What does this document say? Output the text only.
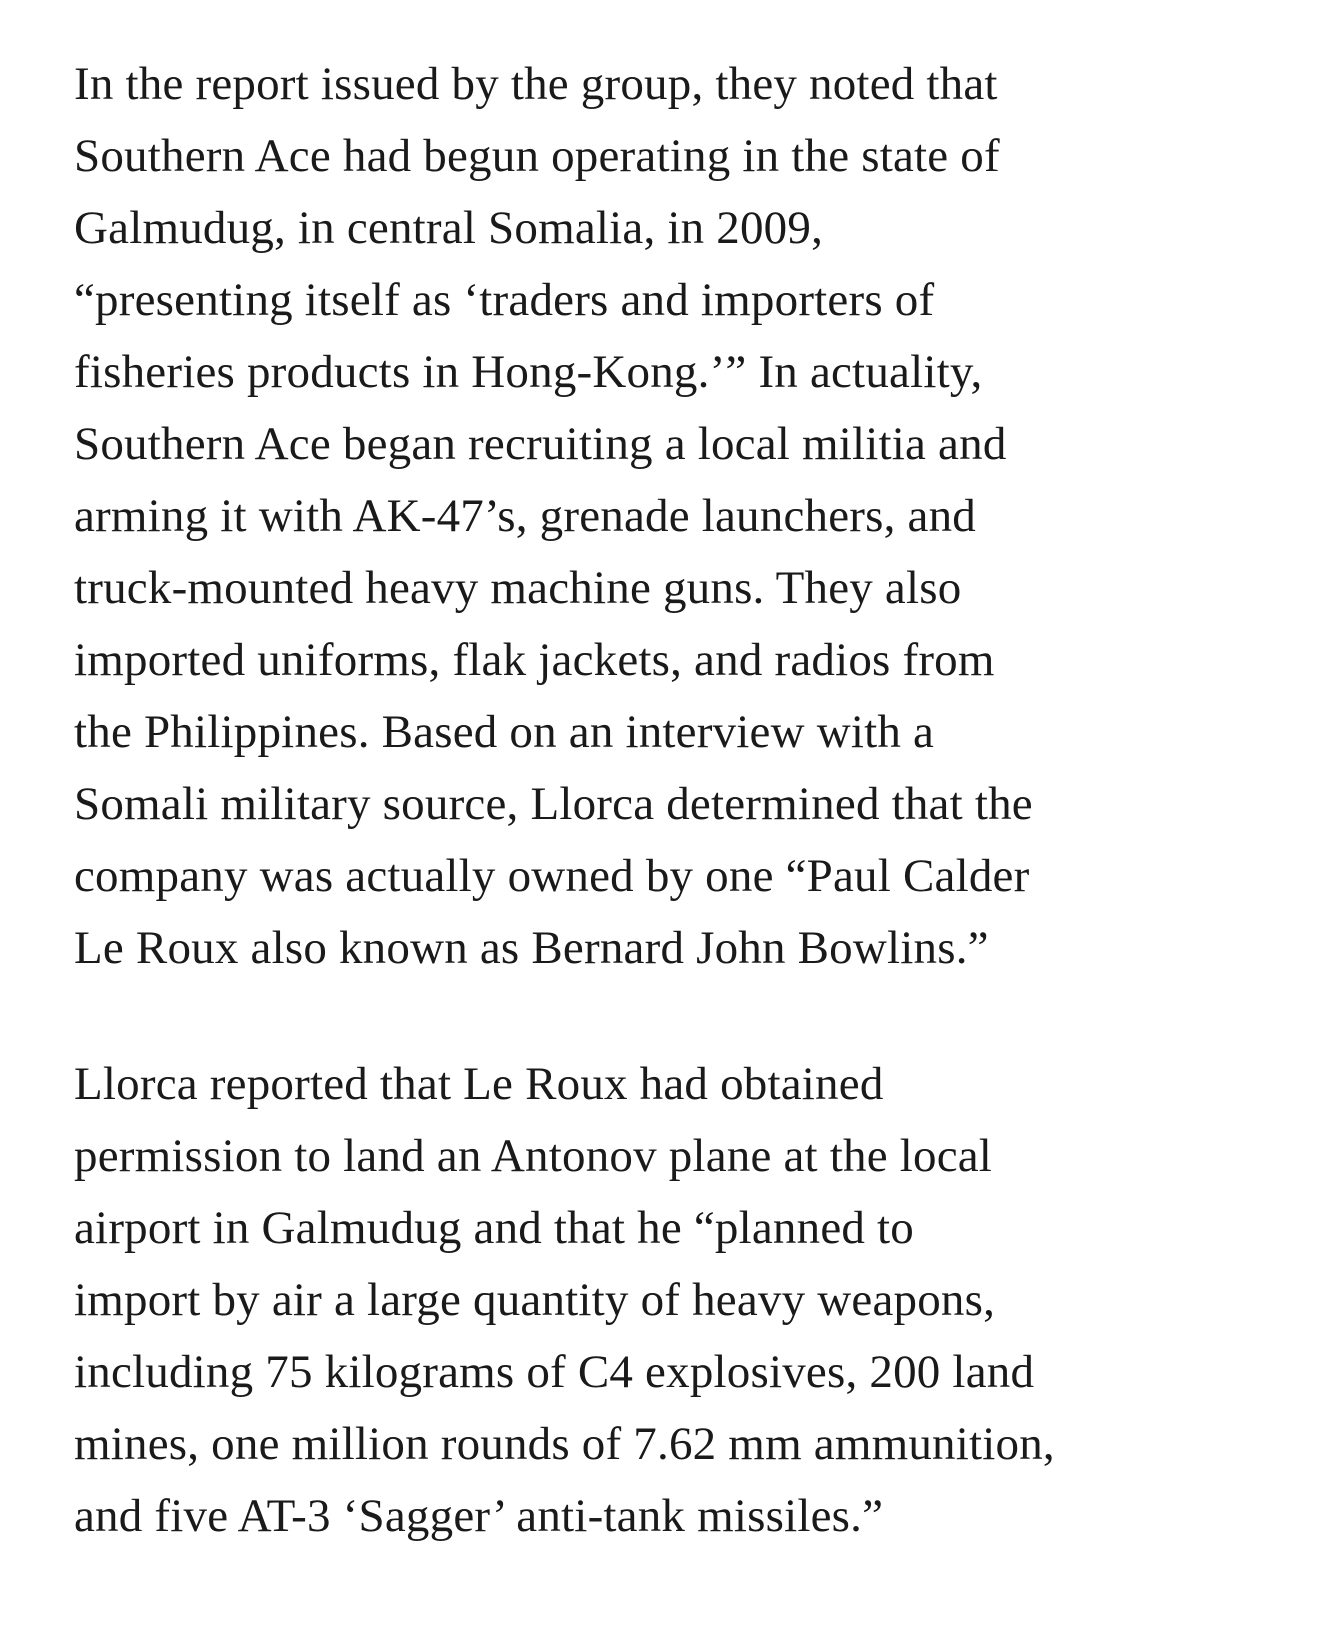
In the report issued by the group, they noted that
Southern Ace had begun operating in the state of
Galmudug, in central Somalia, in 2009,
“presenting itself as ‘traders and importers of
fisheries products in Hong-Kong.’” In actuality,
Southern Ace began recruiting a local militia and
arming it with AK-47’s, grenade launchers, and
truck-mounted heavy machine guns. They also
imported uniforms, flak jackets, and radios from
the Philippines. Based on an interview with a
Somali military source, Llorca determined that the
company was actually owned by one “Paul Calder
Le Roux also known as Bernard John Bowlins.”

Llorca reported that Le Roux had obtained
permission to land an Antonov plane at the local
airport in Galmudug and that he “planned to
import by air a large quantity of heavy weapons,
including 75 kilograms of C4 explosives, 200 land
mines, one million rounds of 7.62 mm ammunition,
and five AT-3 ‘Sagger’ anti-tank missiles.”
